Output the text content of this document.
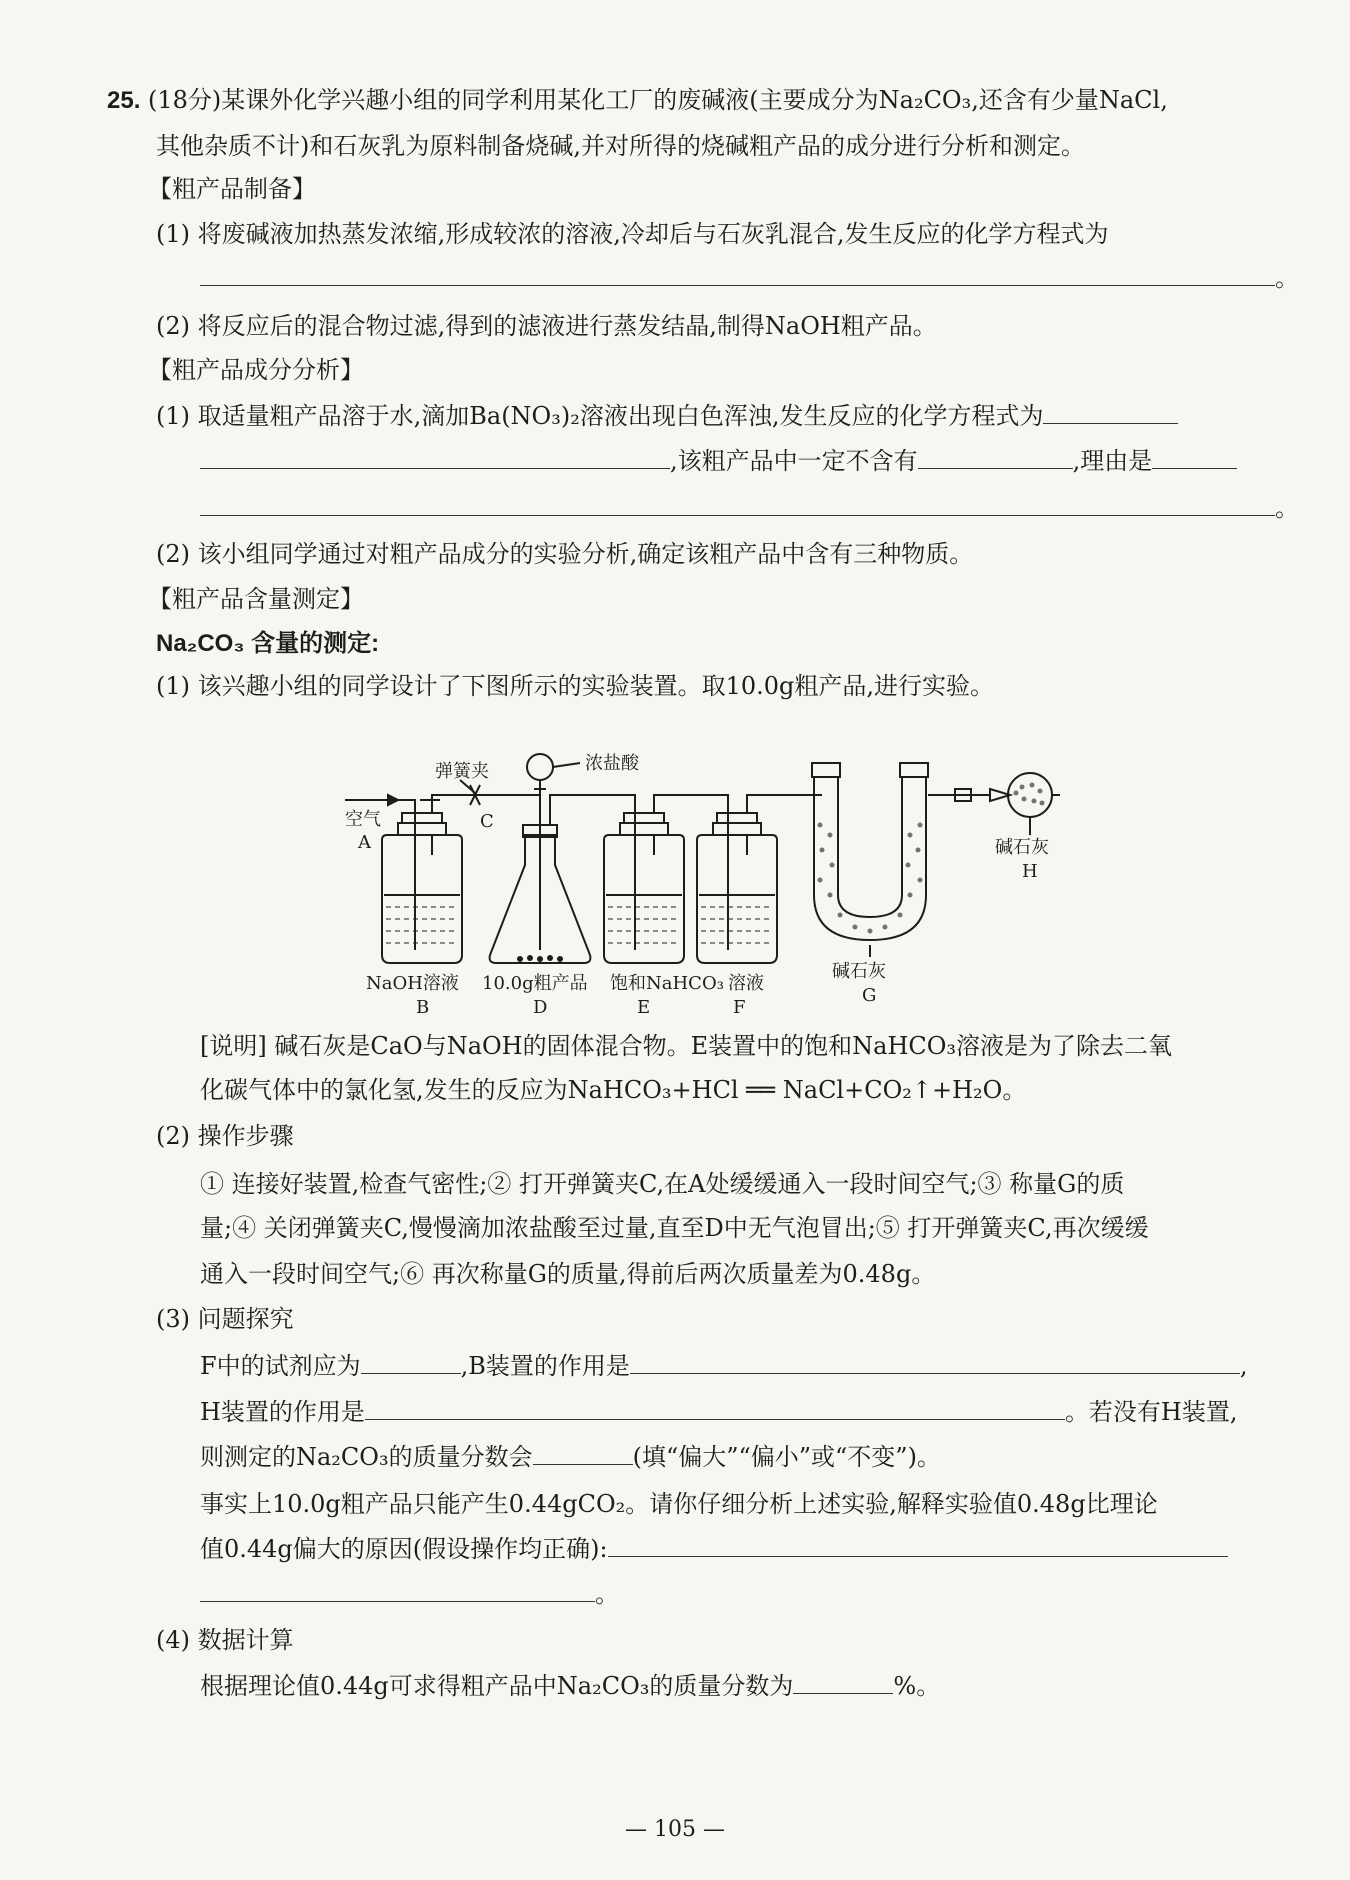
25. (18分)某课外化学兴趣小组的同学利用某化工厂的废碱液(主要成分为Na₂CO₃,还含有少量NaCl,
其他杂质不计)和石灰乳为原料制备烧碱,并对所得的烧碱粗产品的成分进行分析和测定。
【粗产品制备】
(1) 将废碱液加热蒸发浓缩,形成较浓的溶液,冷却后与石灰乳混合,发生反应的化学方程式为
。
(2) 将反应后的混合物过滤,得到的滤液进行蒸发结晶,制得NaOH粗产品。
【粗产品成分分析】
(1) 取适量粗产品溶于水,滴加Ba(NO₃)₂溶液出现白色浑浊,发生反应的化学方程式为
,该粗产品中一定不含有	,理由是
。
(2) 该小组同学通过对粗产品成分的实验分析,确定该粗产品中含有三种物质。
【粗产品含量测定】
Na₂CO₃ 含量的测定:
(1) 该兴趣小组的同学设计了下图所示的实验装置。取10.0g粗产品,进行实验。
弹簧夹	浓盐酸
空气
A
C
碱石灰
H
碱石灰
G
NaOH溶液 10.0g粗产品 饱和NaHCO₃ 溶液
B	D	E	F
[说明] 碱石灰是CaO与NaOH的固体混合物。E装置中的饱和NaHCO₃溶液是为了除去二氧
化碳气体中的氯化氢,发生的反应为NaHCO₃+HCl ══ NaCl+CO₂↑+H₂O。
(2) 操作步骤
① 连接好装置,检查气密性;② 打开弹簧夹C,在A处缓缓通入一段时间空气;③ 称量G的质
量;④ 关闭弹簧夹C,慢慢滴加浓盐酸至过量,直至D中无气泡冒出;⑤ 打开弹簧夹C,再次缓缓
通入一段时间空气;⑥ 再次称量G的质量,得前后两次质量差为0.48g。
(3) 问题探究
F中的试剂应为	,B装置的作用是	,
H装置的作用是	。若没有H装置,
则测定的Na₂CO₃的质量分数会	(填“偏大”“偏小”或“不变”)。
事实上10.0g粗产品只能产生0.44gCO₂。请你仔细分析上述实验,解释实验值0.48g比理论
值0.44g偏大的原因(假设操作均正确):
。
(4) 数据计算
根据理论值0.44g可求得粗产品中Na₂CO₃的质量分数为	%。
— 105 —
